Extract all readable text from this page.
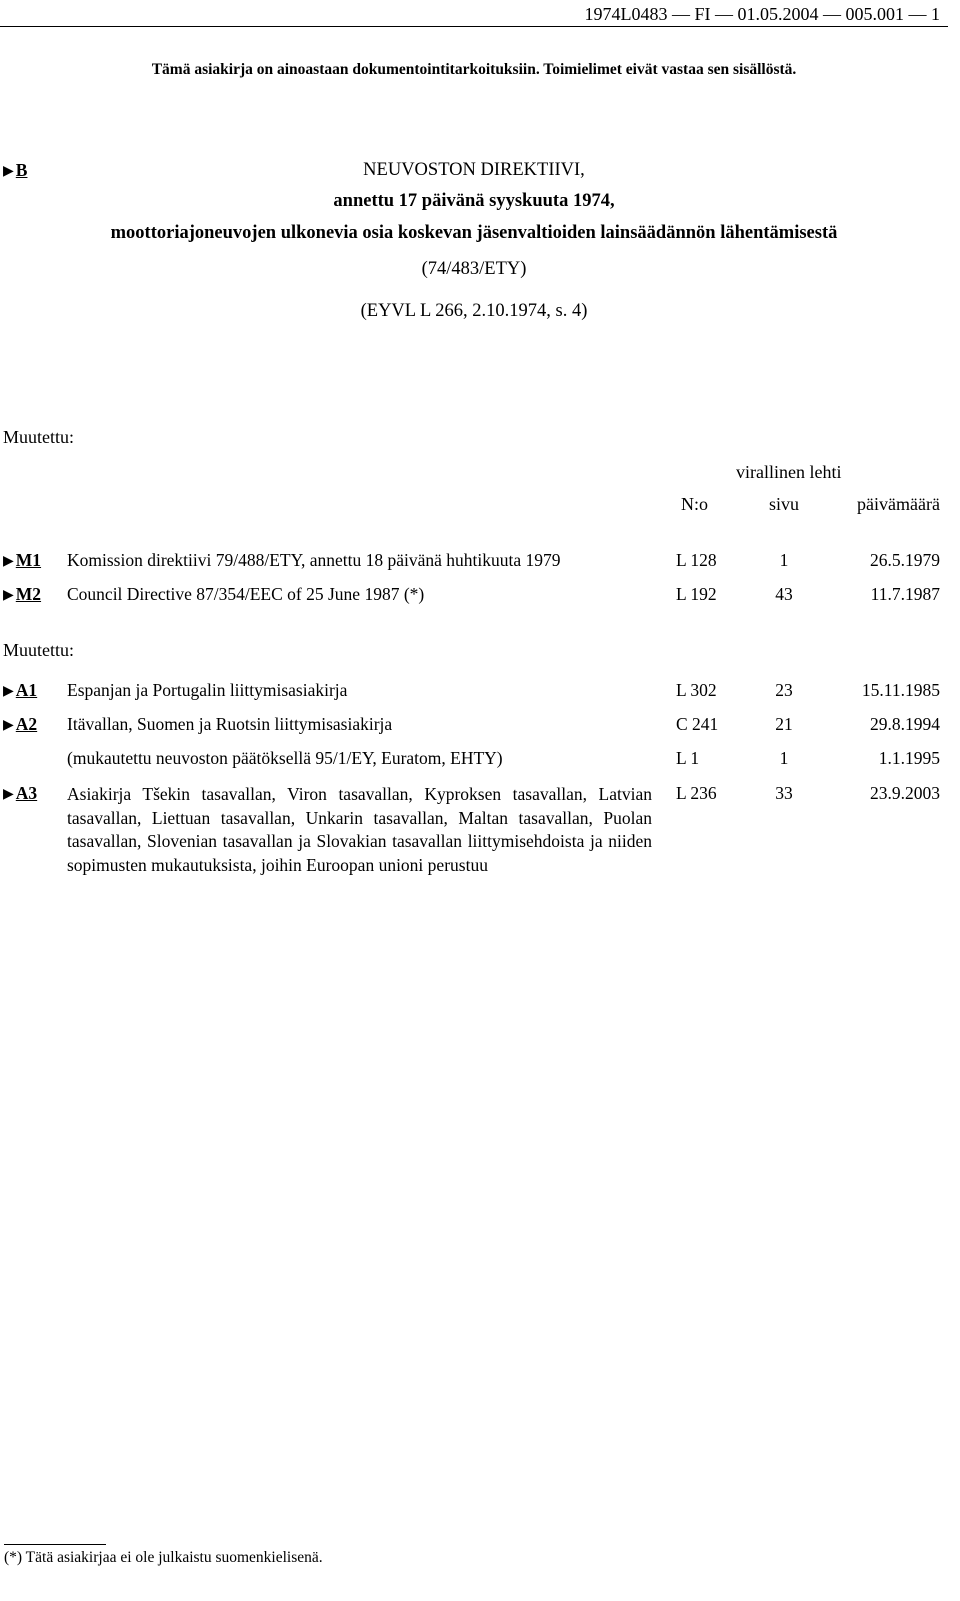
1974L0483 — FI — 01.05.2004 — 005.001 — 1
Tämä asiakirja on ainoastaan dokumentointitarkoituksiin. Toimielimet eivät vastaa sen sisällöstä.
▶ B	NEUVOSTON DIREKTIIVI,
annettu 17 päivänä syyskuuta 1974,
moottoriajoneuvojen ulkonevia osia koskevan jäsenvaltioiden lainsäädännön lähentämisestä
(74/483/ETY)
(EYVL L 266, 2.10.1974, s. 4)
Muutettu:
virallinen lehti
N:o	sivu	päivämäärä
▶ M1 Komission direktiivi 79/488/ETY, annettu 18 päivänä huhtikuuta 1979	L 128	1	26.5.1979
▶ M2 Council Directive 87/354/EEC of 25 June 1987 (*)	L 192	43	11.7.1987
Muutettu:
▶ A1 Espanjan ja Portugalin liittymisasiakirja	L 302	23	15.11.1985
▶ A2 Itävallan, Suomen ja Ruotsin liittymisasiakirja	C 241	21	29.8.1994
(mukautettu neuvoston päätöksellä 95/1/EY, Euratom, EHTY)	L 1	1	1.1.1995
▶ A3 Asiakirja Tšekin tasavallan, Viron tasavallan, Kyproksen tasavallan, Latvian tasavallan, Liettuan tasavallan, Unkarin tasavallan, Maltan tasavallan, Puolan tasavallan, Slovenian tasavallan ja Slovakian tasavallan liittymisehdoista ja niiden sopimusten mukautuksista, joihin Euroopan unioni perustuu
L 236	33	23.9.2003
(*) Tätä asiakirjaa ei ole julkaistu suomenkielisenä.
